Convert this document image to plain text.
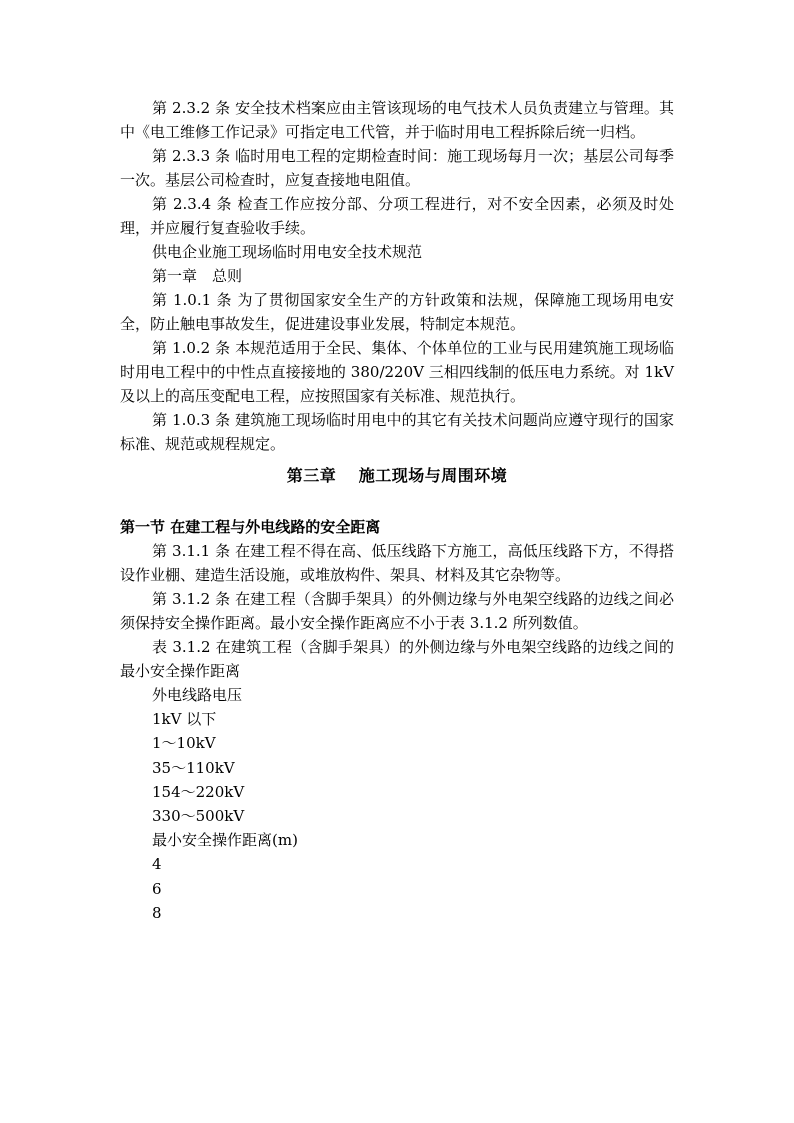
第 2.3.2 条 安全技术档案应由主管该现场的电气技术人员负责建立与管理。其中《电工维修工作记录》可指定电工代管，并于临时用电工程拆除后统一归档。

第 2.3.3 条 临时用电工程的定期检查时间：施工现场每月一次；基层公司每季一次。基层公司检查时，应复查接地电阻值。

第 2.3.4 条 检查工作应按分部、分项工程进行，对不安全因素，必须及时处理，并应履行复查验收手续。

供电企业施工现场临时用电安全技术规范

第一章　总则

第 1.0.1 条 为了贯彻国家安全生产的方针政策和法规，保障施工现场用电安全，防止触电事故发生，促进建设事业发展，特制定本规范。

第 1.0.2 条 本规范适用于全民、集体、个体单位的工业与民用建筑施工现场临时用电工程中的中性点直接接地的 380/220V 三相四线制的低压电力系统。对 1kV 及以上的高压变配电工程，应按照国家有关标准、规范执行。

第 1.0.3 条 建筑施工现场临时用电中的其它有关技术问题尚应遵守现行的国家标准、规范或规程规定。

第三章　 施工现场与周围环境

第一节 在建工程与外电线路的安全距离

第 3.1.1 条 在建工程不得在高、低压线路下方施工，高低压线路下方，不得搭设作业棚、建造生活设施，或堆放构件、架具、材料及其它杂物等。

第 3.1.2 条 在建工程（含脚手架具）的外侧边缘与外电架空线路的边线之间必须保持安全操作距离。最小安全操作距离应不小于表 3.1.2 所列数值。

表 3.1.2 在建筑工程（含脚手架具）的外侧边缘与外电架空线路的边线之间的最小安全操作距离

外电线路电压

1kV 以下

1～10kV

35～110kV

154～220kV

330～500kV

最小安全操作距离(m)

4

6

8
